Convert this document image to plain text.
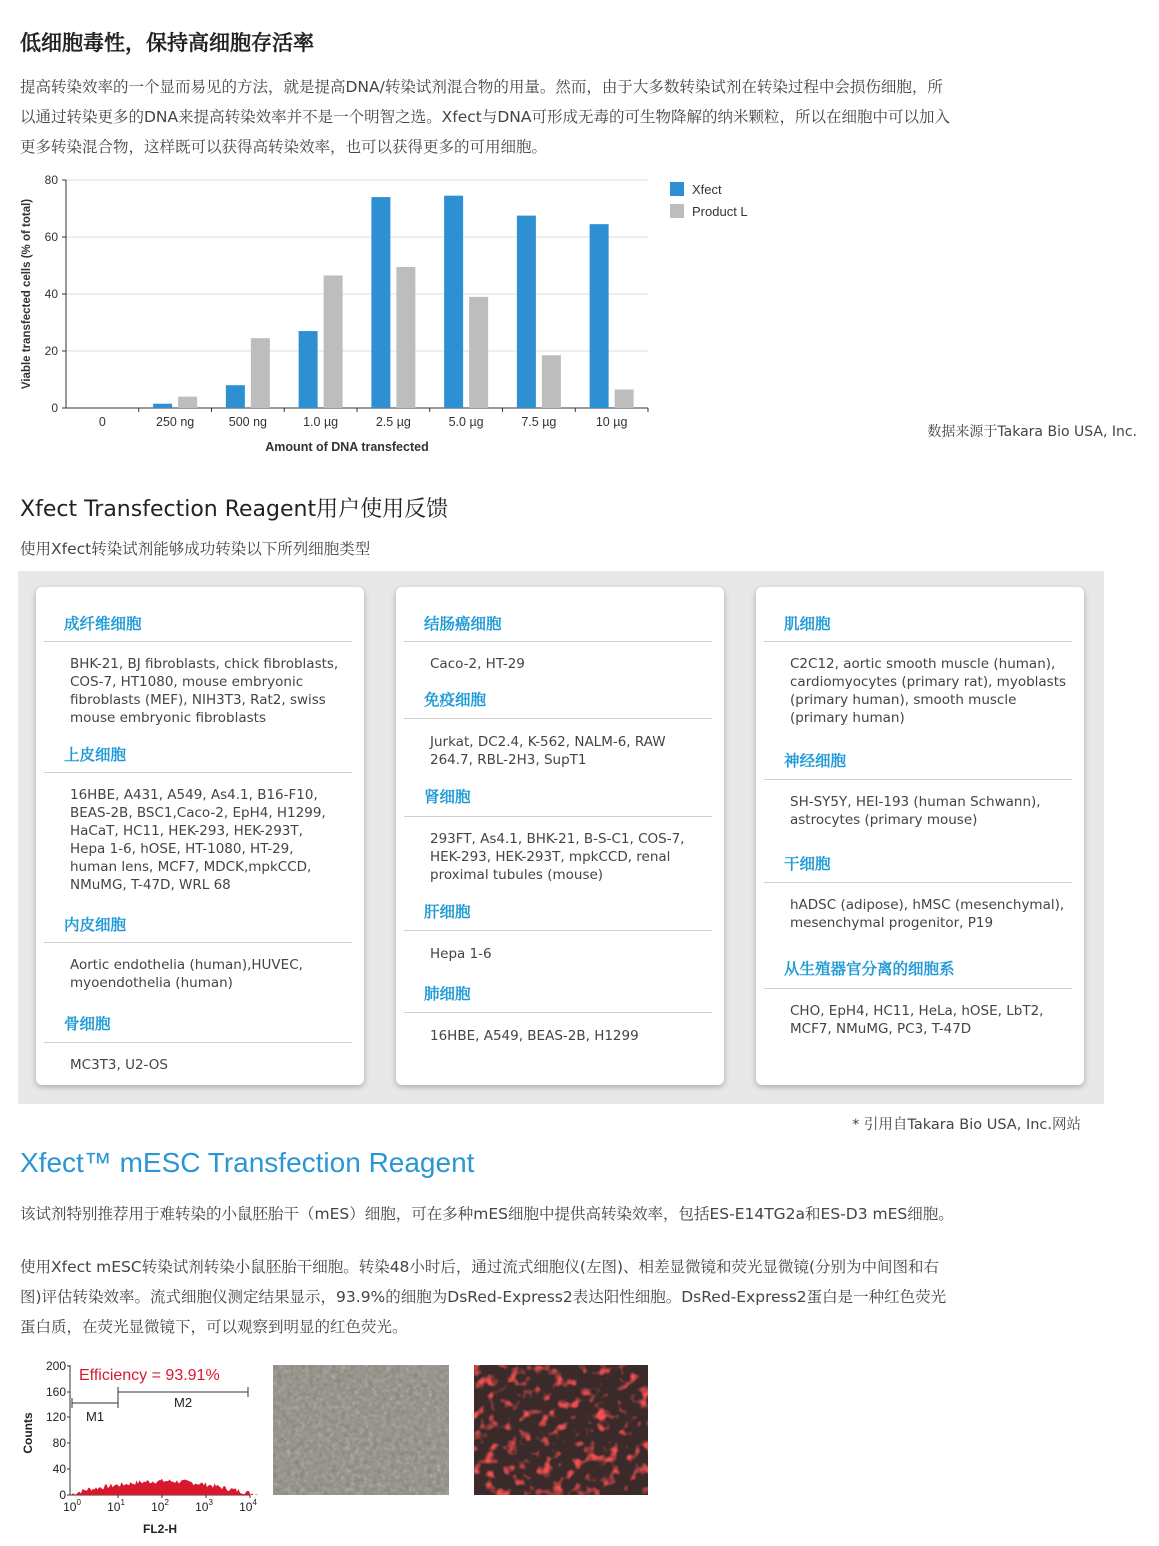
低细胞毒性，保持高细胞存活率
提高转染效率的一个显而易见的方法，就是提高DNA/转染试剂混合物的用量。然而，由于大多数转染试剂在转染过程中会损伤细胞，所
以通过转染更多的DNA来提高转染效率并不是一个明智之选。Xfect与DNA可形成无毒的可生物降解的纳米颗粒，所以在细胞中可以加入
更多转染混合物，这样既可以获得高转染效率，也可以获得更多的可用细胞。
0
20
40
60
80
0	250 ng	500 ng	1.0 µg	2.5 µg	5.0 µg	7.5 µg	10 µg
Amount of DNA transfected
Viable transfected cells (% of total)
Xfect
Product L
数据来源于Takara Bio USA, Inc.
Xfect Transfection Reagent用户使用反馈
使用Xfect转染试剂能够成功转染以下所列细胞类型
成纤维细胞
BHK-21, BJ fibroblasts, chick fibroblasts,
COS-7, HT1080, mouse embryonic
fibroblasts (MEF), NIH3T3, Rat2, swiss
mouse embryonic fibroblasts
上皮细胞
16HBE, A431, A549, As4.1, B16-F10,
BEAS-2B, BSC1,Caco-2, EpH4, H1299,
HaCaT, HC11, HEK-293, HEK-293T,
Hepa 1-6, hOSE, HT-1080, HT-29,
human lens, MCF7, MDCK,mpkCCD,
NMuMG, T-47D, WRL 68
内皮细胞
Aortic endothelia (human),HUVEC,
myoendothelia (human)
骨细胞
MC3T3, U2-OS
结肠癌细胞
Caco-2, HT-29
免疫细胞
Jurkat, DC2.4, K-562, NALM-6, RAW
264.7, RBL-2H3, SupT1
肾细胞
293FT, As4.1, BHK-21, B-S-C1, COS-7,
HEK-293, HEK-293T, mpkCCD, renal
proximal tubules (mouse)
肝细胞
Hepa 1-6
肺细胞
16HBE, A549, BEAS-2B, H1299
肌细胞
C2C12, aortic smooth muscle (human),
cardiomyocytes (primary rat), myoblasts
(primary human), smooth muscle
(primary human)
神经细胞
SH-SY5Y, HEI-193 (human Schwann),
astrocytes (primary mouse)
干细胞
hADSC (adipose), hMSC (mesenchymal),
mesenchymal progenitor, P19
从生殖器官分离的细胞系
CHO, EpH4, HC11, HeLa, hOSE, LbT2,
MCF7, NMuMG, PC3, T-47D
* 引用自Takara Bio USA, Inc.网站
Xfect™ mESC Transfection Reagent
该试剂特别推荐用于难转染的小鼠胚胎干（mES）细胞，可在多种mES细胞中提供高转染效率，包括ES-E14TG2a和ES-D3 mES细胞。
使用Xfect mESC转染试剂转染小鼠胚胎干细胞。转染48小时后，通过流式细胞仪(左图)、相差显微镜和荧光显微镜(分别为中间图和右
图)评估转染效率。流式细胞仪测定结果显示，93.9%的细胞为DsRed-Express2表达阳性细胞。DsRed-Express2蛋白是一种红色荧光
蛋白质，在荧光显微镜下，可以观察到明显的红色荧光。
0
40
80
120
160
200
$10^0$ $10^1$ $10^2$ $10^3$ $10^4$
Counts
FL2-H
Efficiency = 93.91%
M1
M2
